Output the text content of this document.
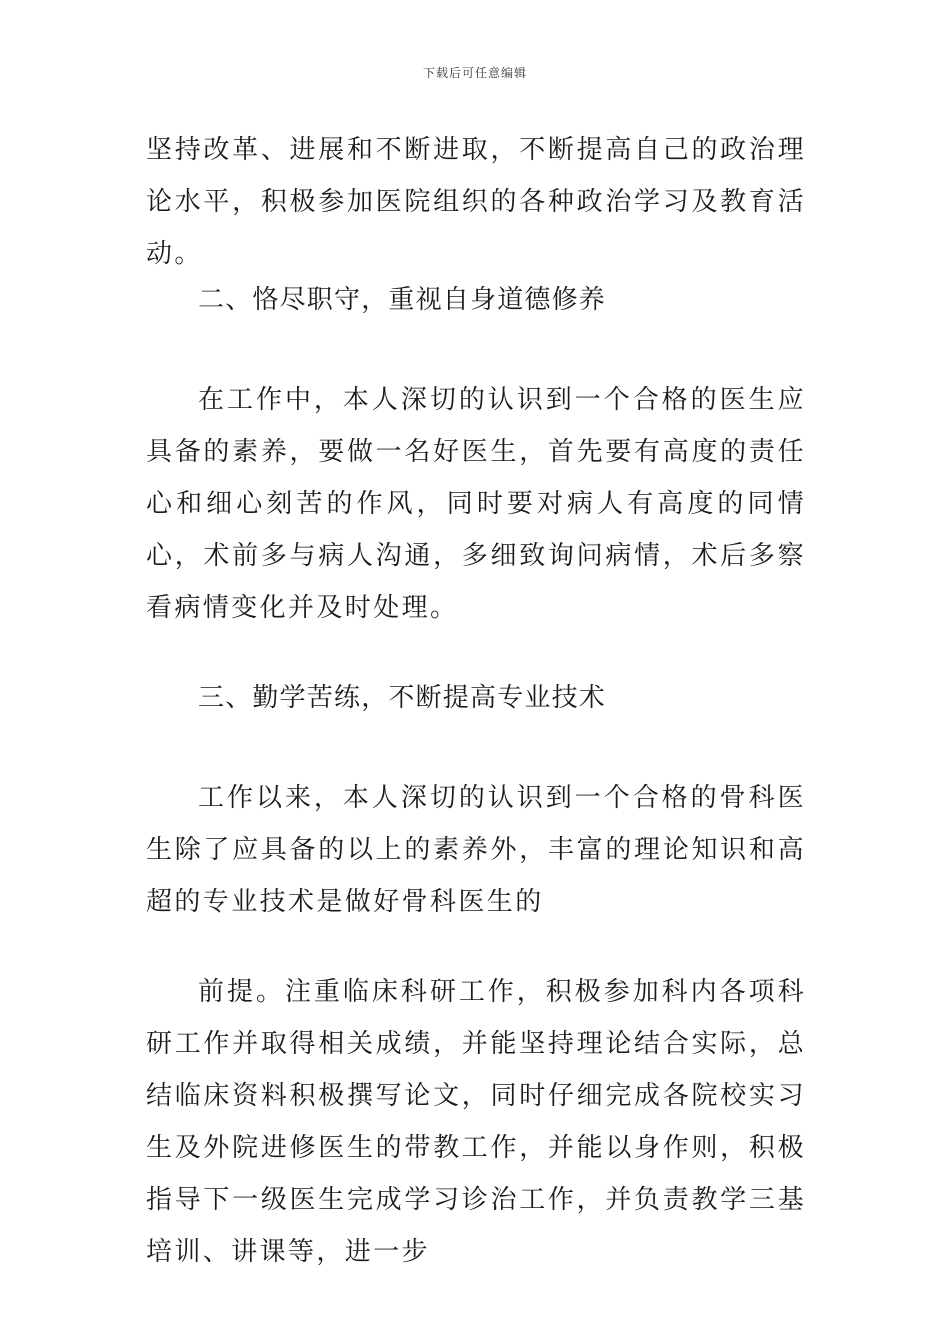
下载后可任意编辑

坚持改革、进展和不断进取，不断提高自己的政治理论水平，积极参加医院组织的各种政治学习及教育活动。

二、恪尽职守，重视自身道德修养

在工作中，本人深切的认识到一个合格的医生应具备的素养，要做一名好医生，首先要有高度的责任心和细心刻苦的作风，同时要对病人有高度的同情心，术前多与病人沟通，多细致询问病情，术后多察看病情变化并及时处理。

三、勤学苦练，不断提高专业技术

工作以来，本人深切的认识到一个合格的骨科医生除了应具备的以上的素养外，丰富的理论知识和高超的专业技术是做好骨科医生的

前提。注重临床科研工作，积极参加科内各项科研工作并取得相关成绩，并能坚持理论结合实际，总结临床资料积极撰写论文，同时仔细完成各院校实习生及外院进修医生的带教工作，并能以身作则，积极指导下一级医生完成学习诊治工作，并负责教学三基培训、讲课等，进一步
